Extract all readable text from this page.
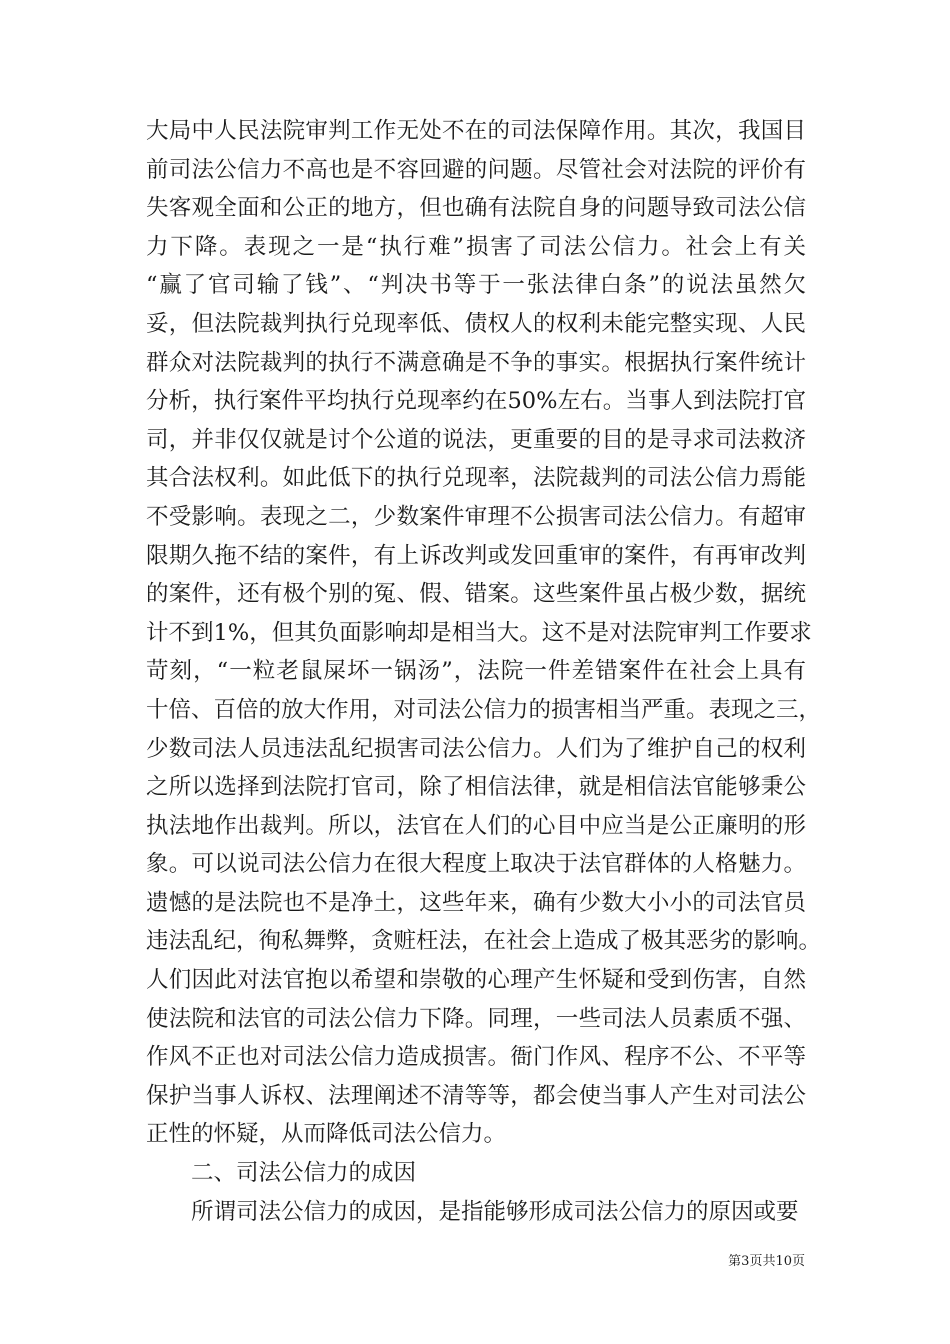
大局中人民法院审判工作无处不在的司法保障作用。其次，我国目
前司法公信力不高也是不容回避的问题。尽管社会对法院的评价有
失客观全面和公正的地方，但也确有法院自身的问题导致司法公信
力下降。表现之一是“执行难”损害了司法公信力。社会上有关
“赢了官司输了钱”、“判决书等于一张法律白条”的说法虽然欠
妥，但法院裁判执行兑现率低、债权人的权利未能完整实现、人民
群众对法院裁判的执行不满意确是不争的事实。根据执行案件统计
分析，执行案件平均执行兑现率约在50%左右。当事人到法院打官
司，并非仅仅就是讨个公道的说法，更重要的目的是寻求司法救济
其合法权利。如此低下的执行兑现率，法院裁判的司法公信力焉能
不受影响。表现之二，少数案件审理不公损害司法公信力。有超审
限期久拖不结的案件，有上诉改判或发回重审的案件，有再审改判
的案件，还有极个别的冤、假、错案。这些案件虽占极少数，据统
计不到1%，但其负面影响却是相当大。这不是对法院审判工作要求
苛刻，“一粒老鼠屎坏一锅汤”，法院一件差错案件在社会上具有
十倍、百倍的放大作用，对司法公信力的损害相当严重。表现之三，
少数司法人员违法乱纪损害司法公信力。人们为了维护自己的权利
之所以选择到法院打官司，除了相信法律，就是相信法官能够秉公
执法地作出裁判。所以，法官在人们的心目中应当是公正廉明的形
象。可以说司法公信力在很大程度上取决于法官群体的人格魅力。
遗憾的是法院也不是净土，这些年来，确有少数大小小的司法官员
违法乱纪，徇私舞弊，贪赃枉法，在社会上造成了极其恶劣的影响。
人们因此对法官抱以希望和崇敬的心理产生怀疑和受到伤害，自然
使法院和法官的司法公信力下降。同理，一些司法人员素质不强、
作风不正也对司法公信力造成损害。衙门作风、程序不公、不平等
保护当事人诉权、法理阐述不清等等，都会使当事人产生对司法公
正性的怀疑，从而降低司法公信力。
二、司法公信力的成因
所谓司法公信力的成因，是指能够形成司法公信力的原因或要
第3页共10页
